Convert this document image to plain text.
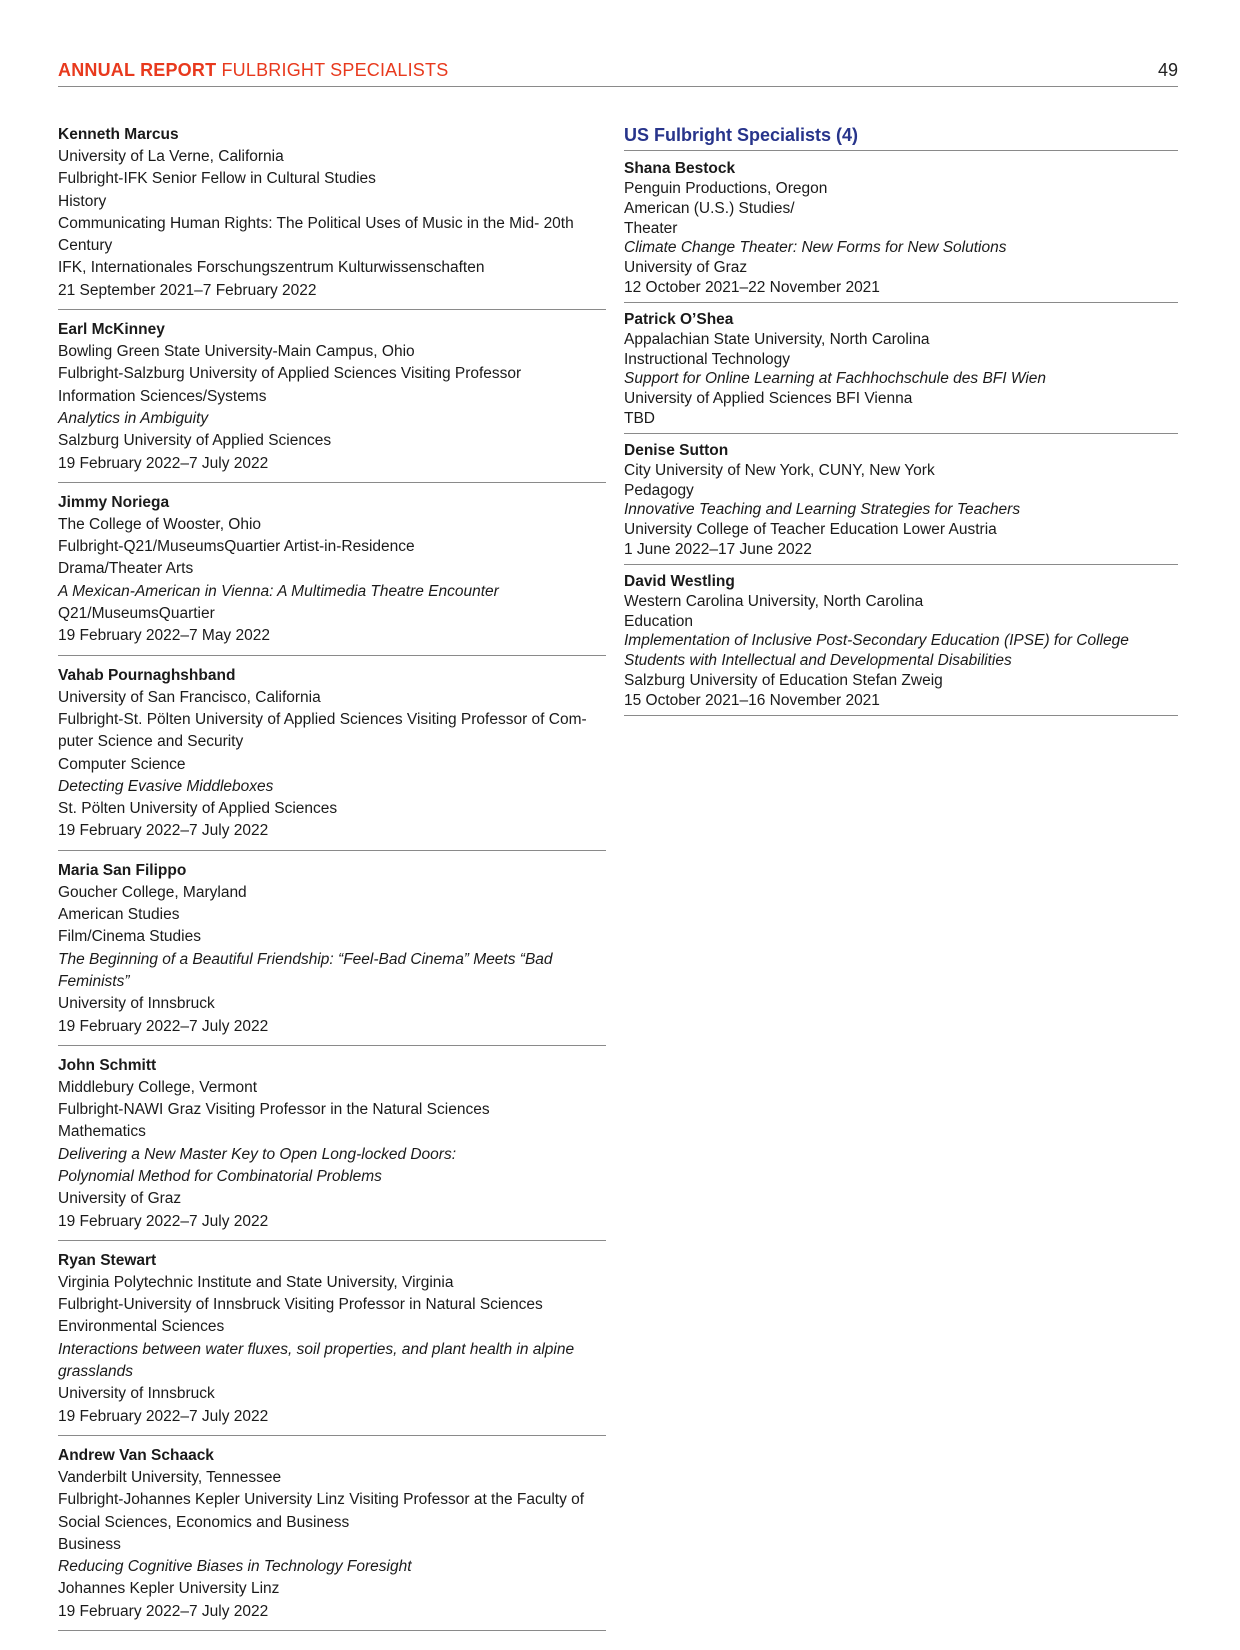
ANNUAL REPORT FULBRIGHT SPECIALISTS	49
Kenneth Marcus
University of La Verne, California
Fulbright-IFK Senior Fellow in Cultural Studies
History
Communicating Human Rights: The Political Uses of Music in the Mid- 20th
Century
IFK, Internationales Forschungszentrum Kulturwissenschaften
21 September 2021–7 February 2022
Earl McKinney
Bowling Green State University-Main Campus, Ohio
Fulbright-Salzburg University of Applied Sciences Visiting Professor
Information Sciences/Systems
Analytics in Ambiguity
Salzburg University of Applied Sciences
19 February 2022–7 July 2022
Jimmy Noriega
The College of Wooster, Ohio
Fulbright-Q21/MuseumsQuartier Artist-in-Residence
Drama/Theater Arts
A Mexican-American in Vienna: A Multimedia Theatre Encounter
Q21/MuseumsQuartier
19 February 2022–7 May 2022
Vahab Pournaghshband
University of San Francisco, California
Fulbright-St. Pölten University of Applied Sciences Visiting Professor of Com-
puter Science and Security
Computer Science
Detecting Evasive Middleboxes
St. Pölten University of Applied Sciences
19 February 2022–7 July 2022
Maria San Filippo
Goucher College, Maryland
American Studies
Film/Cinema Studies
The Beginning of a Beautiful Friendship: “Feel-Bad Cinema” Meets “Bad
Feminists”
University of Innsbruck
19 February 2022–7 July 2022
John Schmitt
Middlebury College, Vermont
Fulbright-NAWI Graz Visiting Professor in the Natural Sciences
Mathematics
Delivering a New Master Key to Open Long-locked Doors:
Polynomial Method for Combinatorial Problems
University of Graz
19 February 2022–7 July 2022
Ryan Stewart
Virginia Polytechnic Institute and State University, Virginia
Fulbright-University of Innsbruck Visiting Professor in Natural Sciences
Environmental Sciences
Interactions between water fluxes, soil properties, and plant health in alpine
grasslands
University of Innsbruck
19 February 2022–7 July 2022
Andrew Van Schaack
Vanderbilt University, Tennessee
Fulbright-Johannes Kepler University Linz Visiting Professor at the Faculty of
Social Sciences, Economics and Business
Business
Reducing Cognitive Biases in Technology Foresight
Johannes Kepler University Linz
19 February 2022–7 July 2022
US Fulbright Specialists (4)
Shana Bestock
Penguin Productions, Oregon
American (U.S.) Studies/
Theater
Climate Change Theater: New Forms for New Solutions
University of Graz
12 October 2021–22 November 2021
Patrick O’Shea
Appalachian State University, North Carolina
Instructional Technology
Support for Online Learning at Fachhochschule des BFI Wien
University of Applied Sciences BFI Vienna
TBD
Denise Sutton
City University of New York, CUNY, New York
Pedagogy
Innovative Teaching and Learning Strategies for Teachers
University College of Teacher Education Lower Austria
1 June 2022–17 June 2022
David Westling
Western Carolina University, North Carolina
Education
Implementation of Inclusive Post-Secondary Education (IPSE) for College
Students with Intellectual and Developmental Disabilities
Salzburg University of Education Stefan Zweig
15 October 2021–16 November 2021
